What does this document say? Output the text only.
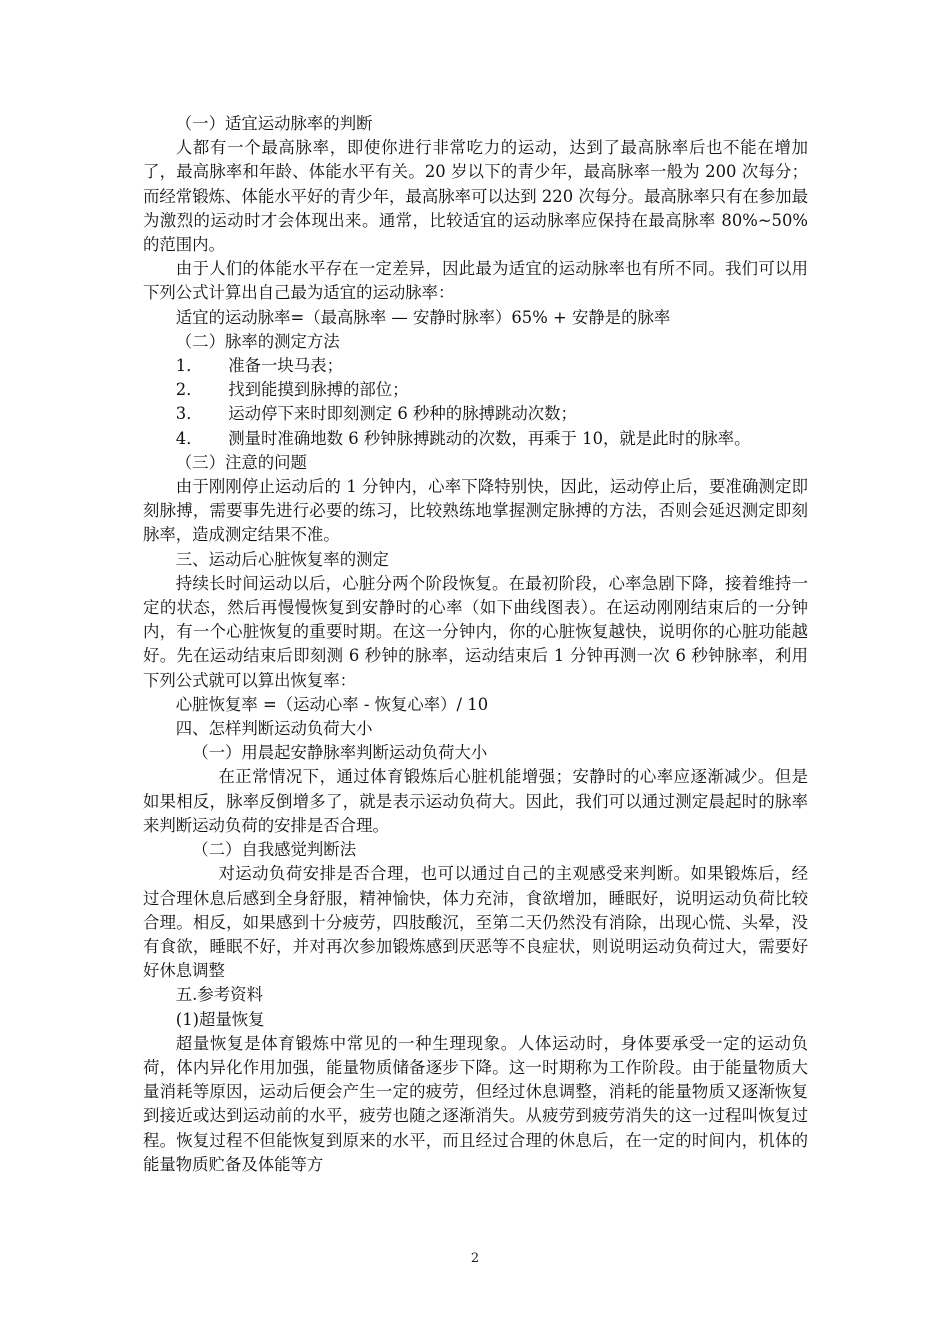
（一）适宜运动脉率的判断

人都有一个最高脉率，即使你进行非常吃力的运动，达到了最高脉率后也不能在增加了，最高脉率和年龄、体能水平有关。20 岁以下的青少年，最高脉率一般为 200 次每分；而经常锻炼、体能水平好的青少年，最高脉率可以达到 220 次每分。最高脉率只有在参加最为激烈的运动时才会体现出来。通常，比较适宜的运动脉率应保持在最高脉率 80%~50%的范围内。

由于人们的体能水平存在一定差异，因此最为适宜的运动脉率也有所不同。我们可以用下列公式计算出自己最为适宜的运动脉率：

适宜的运动脉率=（最高脉率 — 安静时脉率）65% + 安静是的脉率

（二）脉率的测定方法

1． 准备一块马表；

2． 找到能摸到脉搏的部位；

3． 运动停下来时即刻测定 6 秒种的脉搏跳动次数；

4． 测量时准确地数 6 秒钟脉搏跳动的次数，再乘于 10，就是此时的脉率。

（三）注意的问题

由于刚刚停止运动后的 1 分钟内，心率下降特别快，因此，运动停止后，要准确测定即刻脉搏，需要事先进行必要的练习，比较熟练地掌握测定脉搏的方法，否则会延迟测定即刻脉率，造成测定结果不准。

三、运动后心脏恢复率的测定

持续长时间运动以后，心脏分两个阶段恢复。在最初阶段，心率急剧下降，接着维持一定的状态，然后再慢慢恢复到安静时的心率（如下曲线图表）。在运动刚刚结束后的一分钟内，有一个心脏恢复的重要时期。在这一分钟内，你的心脏恢复越快，说明你的心脏功能越好。先在运动结束后即刻测 6 秒钟的脉率，运动结束后 1 分钟再测一次 6 秒钟脉率，利用下列公式就可以算出恢复率：

心脏恢复率 =（运动心率 - 恢复心率）/ 10

四、怎样判断运动负荷大小

（一）用晨起安静脉率判断运动负荷大小

在正常情况下，通过体育锻炼后心脏机能增强；安静时的心率应逐渐减少。但是如果相反，脉率反倒增多了，就是表示运动负荷大。因此，我们可以通过测定晨起时的脉率来判断运动负荷的安排是否合理。

（二）自我感觉判断法

对运动负荷安排是否合理，也可以通过自己的主观感受来判断。如果锻炼后，经过合理休息后感到全身舒服，精神愉快，体力充沛，食欲增加，睡眠好，说明运动负荷比较合理。相反，如果感到十分疲劳，四肢酸沉，至第二天仍然没有消除，出现心慌、头晕，没有食欲，睡眠不好，并对再次参加锻炼感到厌恶等不良症状，则说明运动负荷过大，需要好好休息调整

五.参考资料

(1)超量恢复

超量恢复是体育锻炼中常见的一种生理现象。人体运动时，身体要承受一定的运动负荷，体内异化作用加强，能量物质储备逐步下降。这一时期称为工作阶段。由于能量物质大量消耗等原因，运动后便会产生一定的疲劳，但经过休息调整，消耗的能量物质又逐渐恢复到接近或达到运动前的水平，疲劳也随之逐渐消失。从疲劳到疲劳消失的这一过程叫恢复过程。恢复过程不但能恢复到原来的水平，而且经过合理的休息后，在一定的时间内，机体的能量物质贮备及体能等方

2
